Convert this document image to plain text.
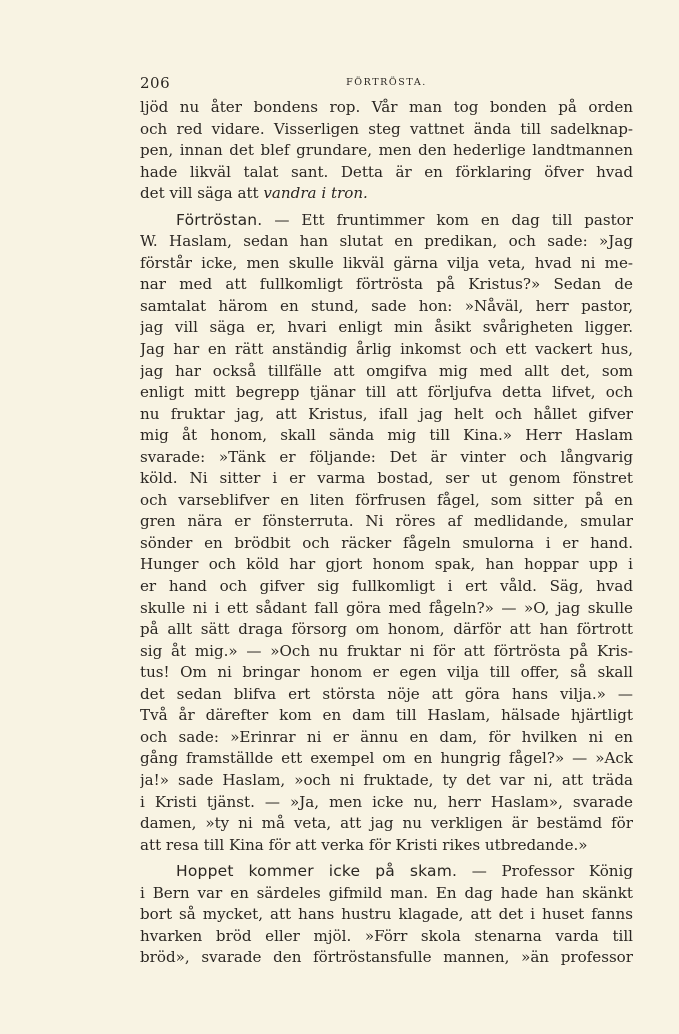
206	FÖRTRÖSTA.
ljöd nu åter bondens rop. Vår man tog bonden på orden
och red vidare. Visserligen steg vattnet ända till sadelknap-
pen, innan det blef grundare, men den hederlige landtmannen
hade likväl talat sant. Detta är en förklaring öfver hvad
det vill säga att vandra i tron.
Förtröstan. — Ett fruntimmer kom en dag till pastor
W. Haslam, sedan han slutat en predikan, och sade: »Jag
förstår icke, men skulle likväl gärna vilja veta, hvad ni me-
nar med att fullkomligt förtrösta på Kristus?» Sedan de
samtalat härom en stund, sade hon: »Nåväl, herr pastor,
jag vill säga er, hvari enligt min åsikt svårigheten ligger.
Jag har en rätt anständig årlig inkomst och ett vackert hus,
jag har också tillfälle att omgifva mig med allt det, som
enligt mitt begrepp tjänar till att förljufva detta lifvet, och
nu fruktar jag, att Kristus, ifall jag helt och hållet gifver
mig åt honom, skall sända mig till Kina.» Herr Haslam
svarade: »Tänk er följande: Det är vinter och långvarig
köld. Ni sitter i er varma bostad, ser ut genom fönstret
och varseblifver en liten förfrusen fågel, som sitter på en
gren nära er fönsterruta. Ni röres af medlidande, smular
sönder en brödbit och räcker fågeln smulorna i er hand.
Hunger och köld har gjort honom spak, han hoppar upp i
er hand och gifver sig fullkomligt i ert våld. Säg, hvad
skulle ni i ett sådant fall göra med fågeln?» — »O, jag skulle
på allt sätt draga försorg om honom, därför att han förtrott
sig åt mig.» — »Och nu fruktar ni för att förtrösta på Kris-
tus! Om ni bringar honom er egen vilja till offer, så skall
det sedan blifva ert största nöje att göra hans vilja.» —
Två år därefter kom en dam till Haslam, hälsade hjärtligt
och sade: »Erinrar ni er ännu en dam, för hvilken ni en
gång framställde ett exempel om en hungrig fågel?» — »Ack
ja!» sade Haslam, »och ni fruktade, ty det var ni, att träda
i Kristi tjänst. — »Ja, men icke nu, herr Haslam», svarade
damen, »ty ni må veta, att jag nu verkligen är bestämd för
att resa till Kina för att verka för Kristi rikes utbredande.»
Hoppet kommer icke på skam. — Professor König
i Bern var en särdeles gifmild man. En dag hade han skänkt
bort så mycket, att hans hustru klagade, att det i huset fanns
hvarken bröd eller mjöl. »Förr skola stenarna varda till
bröd», svarade den förtröstansfulle mannen, »än professor
